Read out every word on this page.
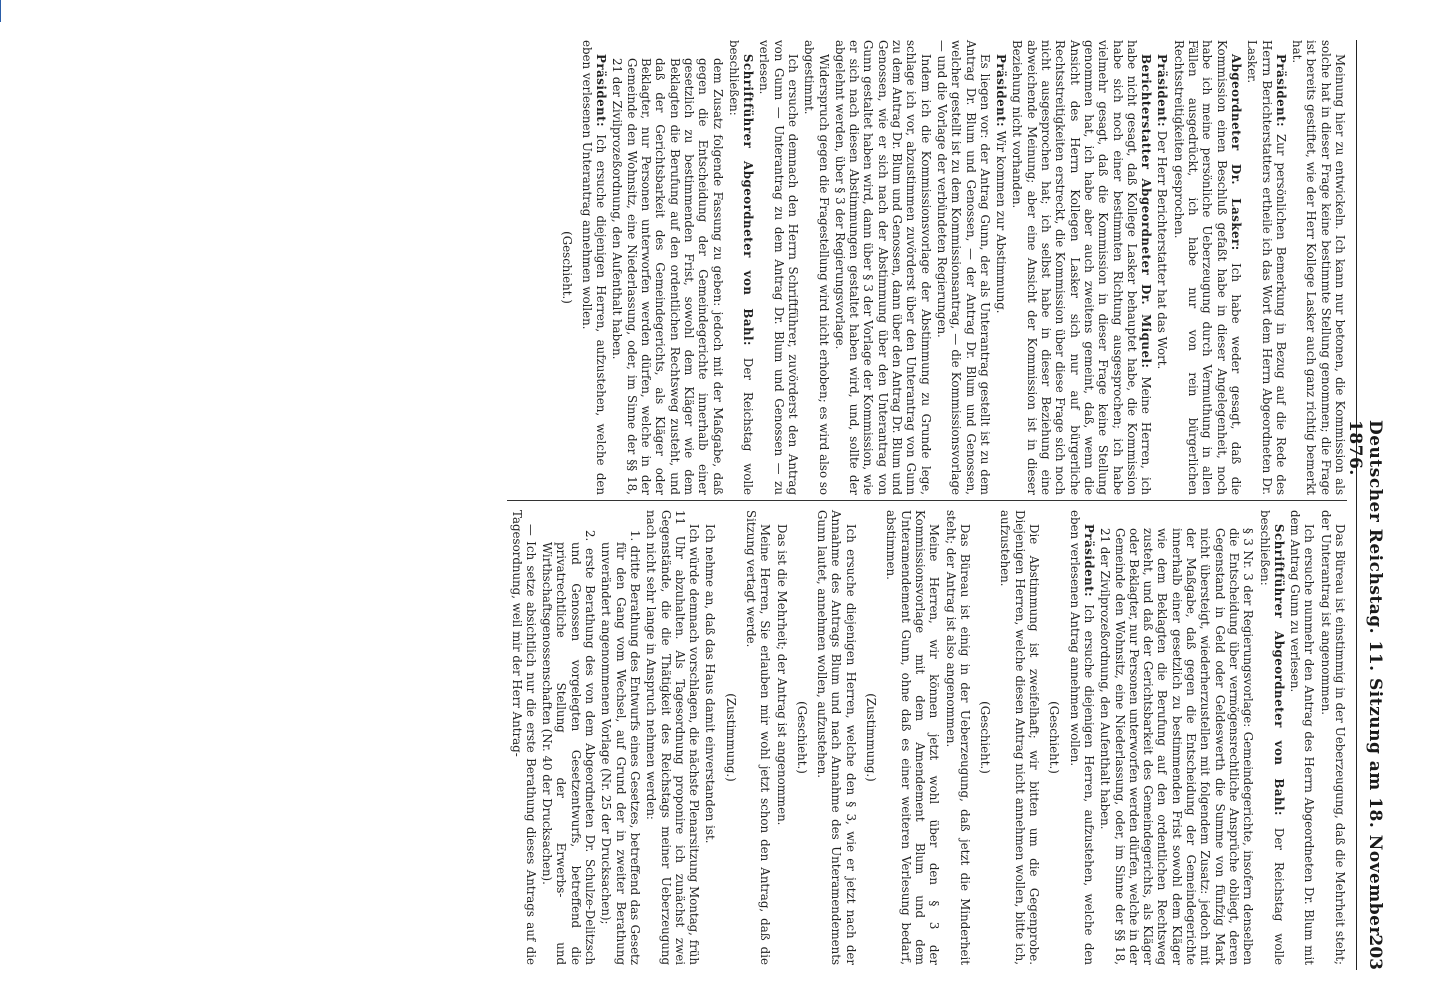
Deutscher Reichstag. 11. Sitzung am 18. November 1876.
203

Meinung hier zu entwickeln. Ich kann nur betonen, die Kommission als solche hat in dieser Frage keine bestimmte Stellung genommen; die Frage ist bereits gestiftet, wie der Herr Kollege Lasker auch ganz richtig bemerkt hat.

Präsident: Zur persönlichen Bemerkung in Bezug auf die Rede des Herrn Berichterstatters ertheile ich das Wort dem Herrn Abgeordneten Dr. Lasker.

Abgeordneter Dr. Lasker: Ich habe weder gesagt, daß die Kommission einen Beschluß gefaßt habe in dieser Angelegenheit, noch habe ich meine persönliche Ueberzeugung durch Vermuthung in allen Fällen ausgedrückt, ich habe nur von rein bürgerlichen Rechtsstreitigkeiten gesprochen.

Präsident: Der Herr Berichterstatter hat das Wort.

Berichterstatter Abgeordneter Dr. Miquel: Meine Herren, ich habe nicht gesagt, daß Kollege Lasker behauptet habe, die Kommission habe sich noch einer bestimmten Richtung ausgesprochen; ich habe vielmehr gesagt, daß die Kommission in dieser Frage keine Stellung genommen hat, ich habe aber auch zweitens gemeint, daß, wenn die Ansicht des Herrn Kollegen Lasker sich nur auf bürgerliche Rechtsstreitigkeiten erstreckt, die Kommission über diese Frage sich noch nicht ausgesprochen hat; ich selbst habe in dieser Beziehung eine abweichende Meinung; aber eine Ansicht der Kommission ist in dieser Beziehung nicht vorhanden.

Präsident: Wir kommen zur Abstimmung.

Es liegen vor: der Antrag Gunn, der als Unterantrag gestellt ist zu dem Antrag Dr. Blum und Genossen, — der Antrag Dr. Blum und Genossen, welcher gestellt ist zu dem Kommissionsantrag, — die Kommissionsvorlage — und die Vorlage der verbündeten Regierungen.

Indem ich die Kommissionsvorlage der Abstimmung zu Grunde lege, schlage ich vor, abzustimmen zuvörderst über den Unterantrag von Gunn zu dem Antrag Dr. Blum und Genossen, dann über den Antrag Dr. Blum und Genossen, wie er sich nach der Abstimmung über den Unterantrag von Gunn gestaltet haben wird, dann über § 3 der Vorlage der Kommission, wie er sich nach diesen Abstimmungen gestaltet haben wird, und, sollte der abgelehnt werden, über § 3 der Regierungsvorlage.

Widerspruch gegen die Fragestellung wird nicht erhoben; es wird also so abgestimmt.

Ich ersuche demnach den Herrn Schriftführer, zuvörderst den Antrag von Gunn — Unterantrag zu dem Antrag Dr. Blum und Genossen — zu verlesen.

Schriftführer Abgeordneter von Bahl: Der Reichstag wolle beschließen:

dem Zusatz folgende Fassung zu geben: jedoch mit der Maßgabe, daß gegen die Entscheidung der Gemeindegerichte innerhalb einer gesetzlich zu bestimmenden Frist, sowohl dem Kläger wie dem Beklagten die Berufung auf den ordentlichen Rechtsweg zusteht, und daß der Gerichtsbarkeit des Gemeindegerichts, als Kläger oder Beklagter, nur Personen unterworfen werden dürfen, welche in der Gemeinde den Wohnsitz, eine Niederlassung, oder, im Sinne der §§ 18, 21 der Zivilprozeßordnung, den Aufenthalt haben.

Präsident: Ich ersuche diejenigen Herren, aufzustehen, welche den eben verlesenen Unterantrag annehmen wollen.

(Geschieht.)

Das Büreau ist einstimmig in der Ueberzeugung, daß die Mehrheit steht; der Unterantrag ist angenommen.

Ich ersuche nunmehr den Antrag des Herrn Abgeordneten Dr. Blum mit dem Antrag Gunn zu verlesen.

Schriftführer Abgeordneter von Bahl: Der Reichstag wolle beschließen:

§ 3 Nr. 3 der Regierungsvorlage: Gemeindegerichte, insofern denselben die Entscheidung über vermögensrechtliche Ansprüche obliegt, deren Gegenstand in Geld oder Geldeswerth die Summe von fünfzig Mark nicht übersteigt, wiederherzustellen mit folgendem Zusatz: jedoch mit der Maßgabe, daß gegen die Entscheidung der Gemeindegerichte innerhalb einer gesetzlich zu bestimmenden Frist sowohl dem Kläger wie dem Beklagten die Berufung auf den ordentlichen Rechtsweg zusteht, und daß der Gerichtsbarkeit des Gemeindegerichts, als Kläger oder Beklagter, nur Personen unterworfen werden dürfen, welche in der Gemeinde den Wohnsitz, eine Niederlassung, oder, im Sinne der §§ 18, 21 der Zivilprozeßordnung, den Aufenthalt haben.

Präsident: Ich ersuche diejenigen Herren, aufzustehen, welche den eben verlesenen Antrag annehmen wollen.

(Geschieht.)

Die Abstimmung ist zweifelhaft; wir bitten um die Gegenprobe. Diejenigen Herren, welche diesen Antrag nicht annehmen wollen, bitte ich, aufzustehen.

(Geschieht.)

Das Büreau ist einig in der Ueberzeugung, daß jetzt die Minderheit steht; der Antrag ist also angenommen.

Meine Herren, wir können jetzt wohl über den § 3 der Kommissionsvorlage mit dem Amendement Blum und dem Unteramendement Gunn, ohne daß es einer weiteren Verlesung bedarf, abstimmen.

(Zustimmung.)

Ich ersuche diejenigen Herren, welche den § 3, wie er jetzt nach der Annahme des Antrags Blum und nach Annahme des Unteramendements Gunn lautet, annehmen wollen, aufzustehen.

(Geschieht.)

Das ist die Mehrheit; der Antrag ist angenommen.

Meine Herren, Sie erlauben mir wohl jetzt schon den Antrag, daß die Sitzung vertagt werde.

(Zustimmung.)

Ich nehme an, daß das Haus damit einverstanden ist.

Ich würde demnach vorschlagen, die nächste Plenarsitzung Montag, früh 11 Uhr abzuhalten. Als Tagesordnung proponire ich zunächst zwei Gegenstände, die die Thätigkeit des Reichstags meiner Ueberzeugung nach nicht sehr lange in Anspruch nehmen werden:

1. dritte Berathung des Entwurfs eines Gesetzes, betreffend das Gesetz für den Gang vom Wechsel, auf Grund der in zweiter Berathung unverändert angenommenen Vorlage (Nr. 25 der Drucksachen);

2. erste Berathung des von dem Abgeordneten Dr. Schulze-Delitzsch und Genossen vorgelegten Gesetzentwurfs, betreffend die privatrechtliche Stellung der Erwerbs- und Wirthschaftsgenossenschaften (Nr. 40 der Drucksachen).

— Ich setze absichtlich nur die erste Berathung dieses Antrags auf die Tagesordnung, weil mir der Herr Antrag-
